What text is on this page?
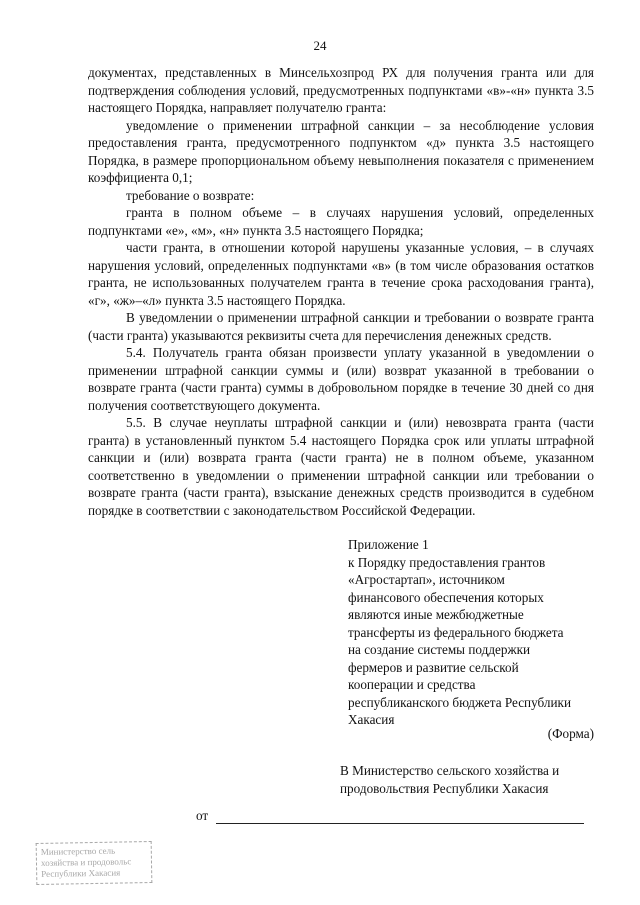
24

документах, представленных в Минсельхозпрод РХ для получения гранта или для подтверждения соблюдения условий, предусмотренных подпунктами «в»-«н» пункта 3.5 настоящего Порядка, направляет получателю гранта:

уведомление о применении штрафной санкции – за несоблюдение условия предоставления гранта, предусмотренного подпунктом «д» пункта 3.5 настоящего Порядка, в размере пропорциональном объему невыполнения показателя с применением коэффициента 0,1;

требование о возврате:

гранта в полном объеме – в случаях нарушения условий, определенных подпунктами «е», «м», «н» пункта 3.5 настоящего Порядка;

части гранта, в отношении которой нарушены указанные условия, – в случаях нарушения условий, определенных подпунктами «в» (в том числе образования остатков гранта, не использованных получателем гранта в течение срока расходования гранта), «г», «ж»–«л» пункта 3.5 настоящего Порядка.

В уведомлении о применении штрафной санкции и требовании о возврате гранта (части гранта) указываются реквизиты счета для перечисления денежных средств.

5.4. Получатель гранта обязан произвести уплату указанной в уведомлении о применении штрафной санкции суммы и (или) возврат указанной в требовании о возврате гранта (части гранта) суммы в добровольном порядке в течение 30 дней со дня получения соответствующего документа.

5.5. В случае неуплаты штрафной санкции и (или) невозврата гранта (части гранта) в установленный пунктом 5.4 настоящего Порядка срок или уплаты штрафной санкции и (или) возврата гранта (части гранта) не в полном объеме, указанном соответственно в уведомлении о применении штрафной санкции или требовании о возврате гранта (части гранта), взыскание денежных средств производится в судебном порядке в соответствии с законодательством Российской Федерации.

Приложение 1
к Порядку предоставления грантов
«Агростартап», источником
финансового обеспечения которых
являются иные межбюджетные
трансферты из федерального бюджета
на создание системы поддержки
фермеров и развитие сельской
кооперации и средства
республиканского бюджета Республики
Хакасия
(Форма)
В Министерство сельского хозяйства и
продовольствия Республики Хакасия
от
Министерство сель
хозяйства и продовольс
Республики Хакасия
